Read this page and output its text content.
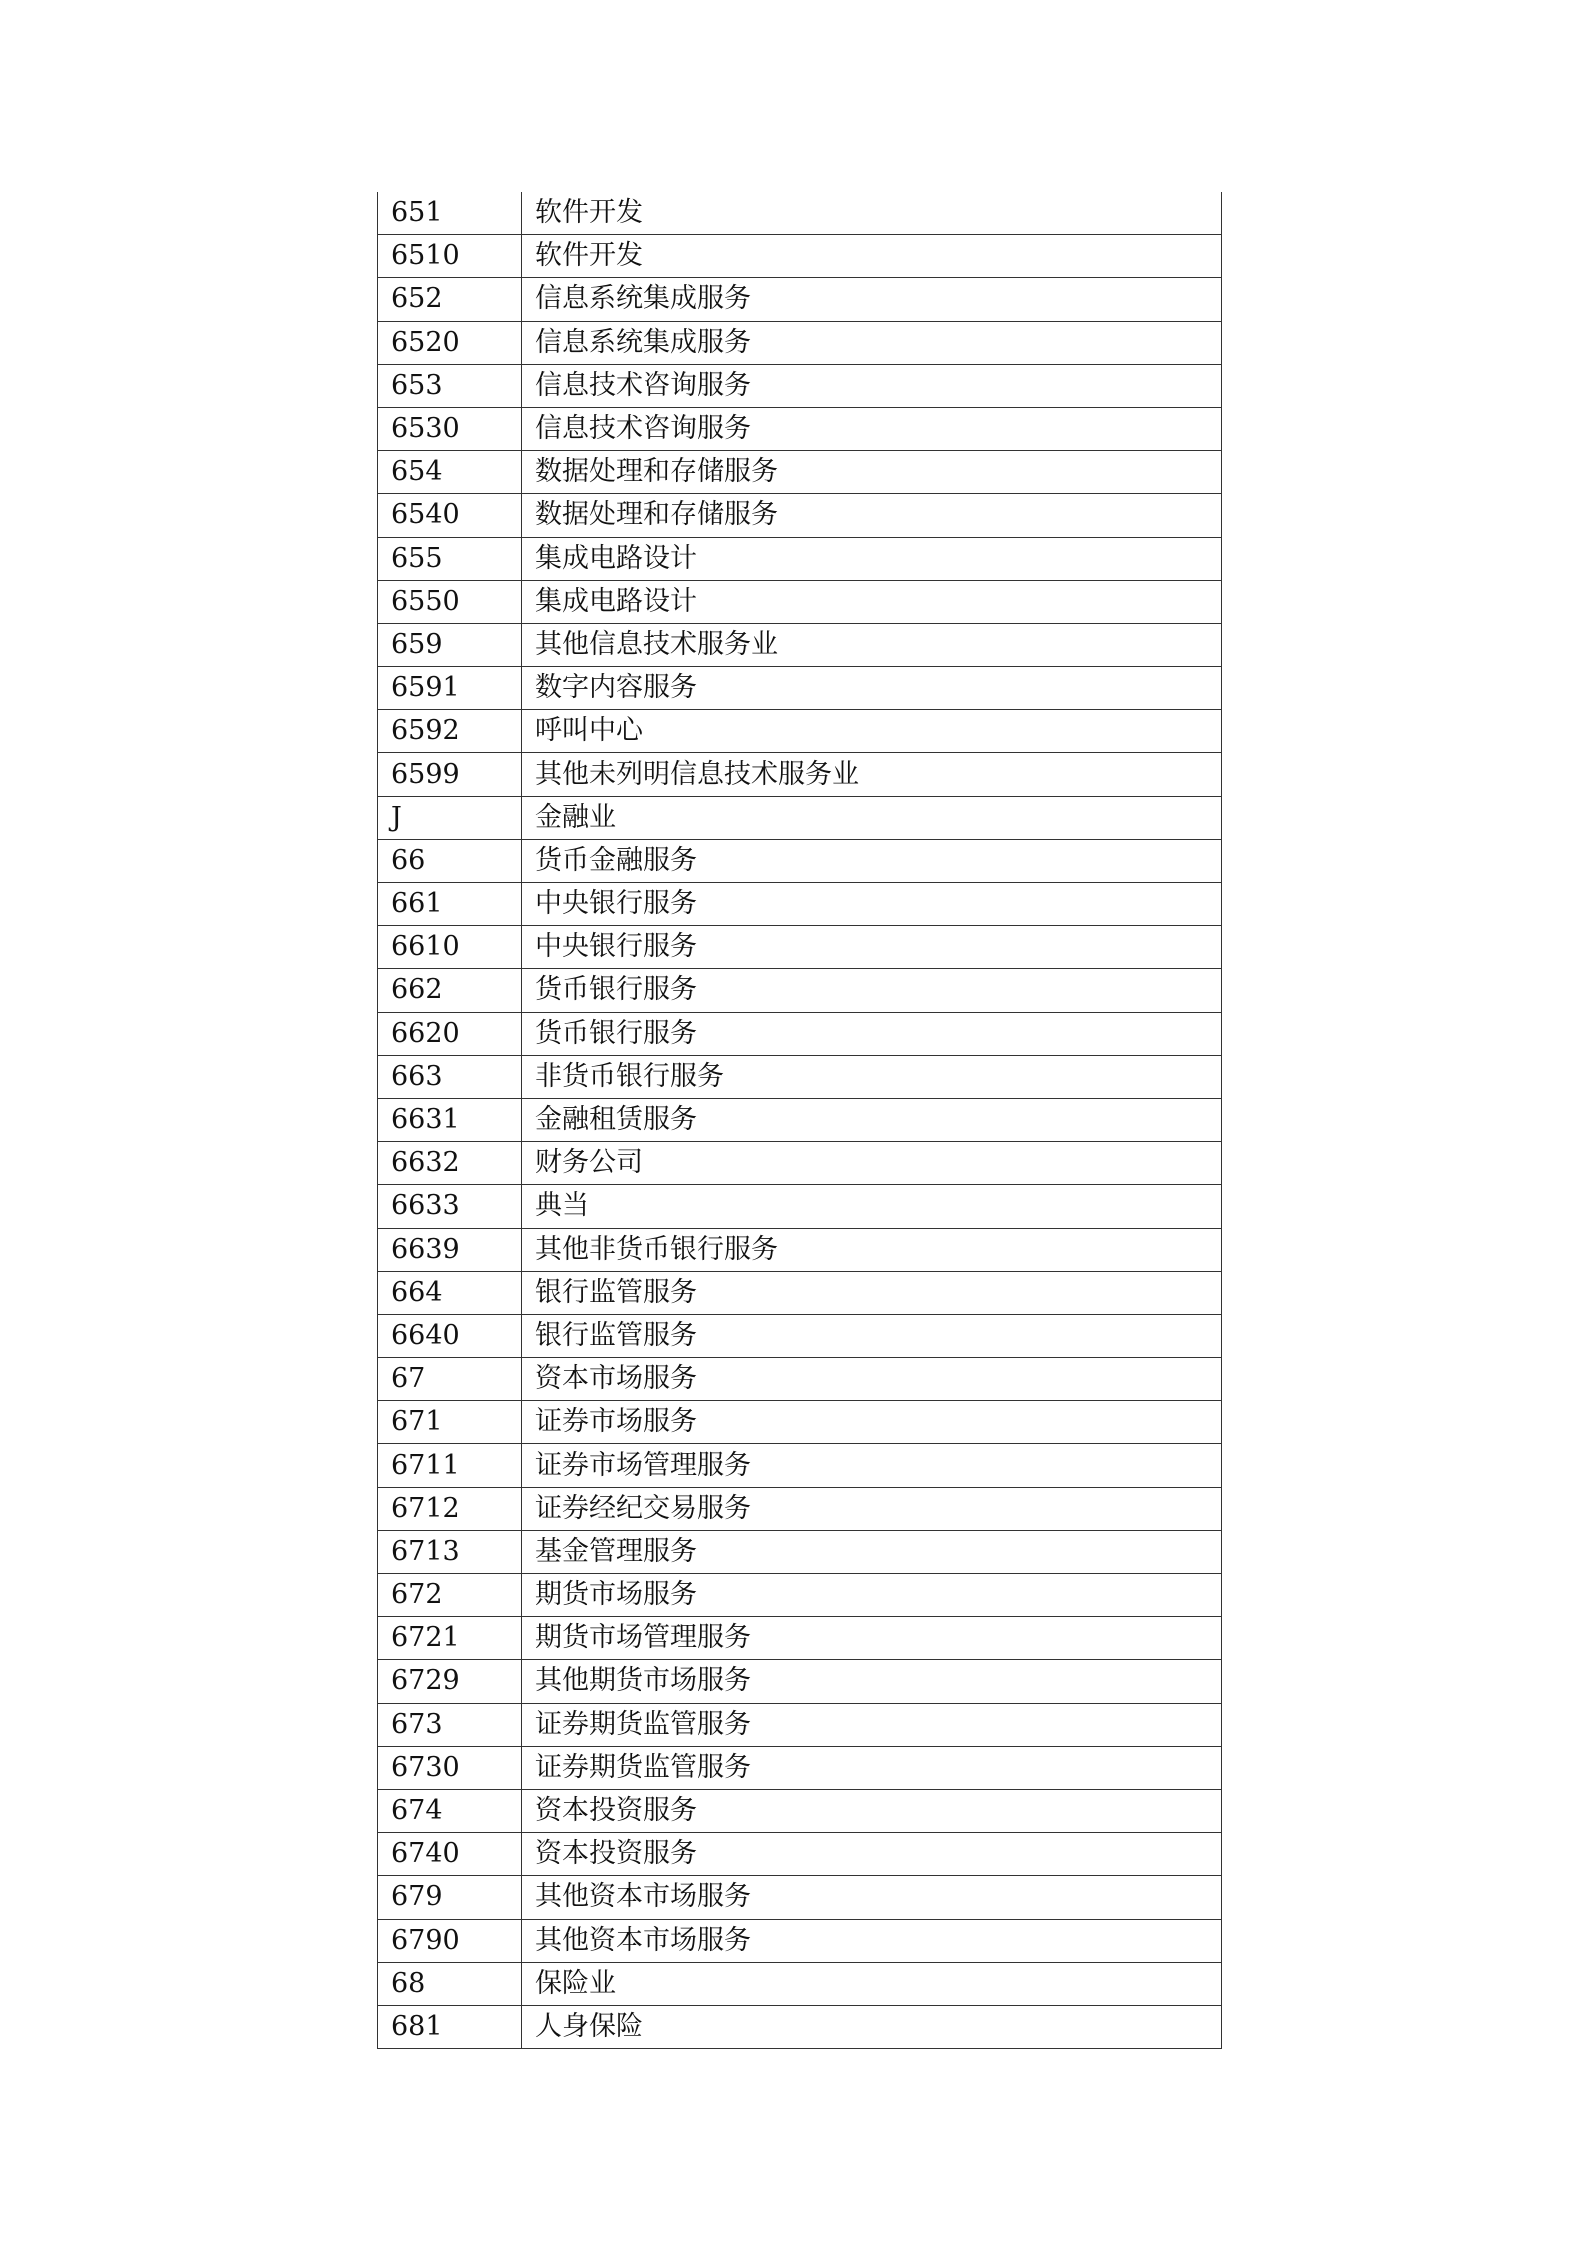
651	软件开发
6510	软件开发
652	信息系统集成服务
6520	信息系统集成服务
653	信息技术咨询服务
6530	信息技术咨询服务
654	数据处理和存储服务
6540	数据处理和存储服务
655	集成电路设计
6550	集成电路设计
659	其他信息技术服务业
6591	数字内容服务
6592	呼叫中心
6599	其他未列明信息技术服务业
J	金融业
66	货币金融服务
661	中央银行服务
6610	中央银行服务
662	货币银行服务
6620	货币银行服务
663	非货币银行服务
6631	金融租赁服务
6632	财务公司
6633	典当
6639	其他非货币银行服务
664	银行监管服务
6640	银行监管服务
67	资本市场服务
671	证券市场服务
6711	证券市场管理服务
6712	证券经纪交易服务
6713	基金管理服务
672	期货市场服务
6721	期货市场管理服务
6729	其他期货市场服务
673	证券期货监管服务
6730	证券期货监管服务
674	资本投资服务
6740	资本投资服务
679	其他资本市场服务
6790	其他资本市场服务
68	保险业
681	人身保险
